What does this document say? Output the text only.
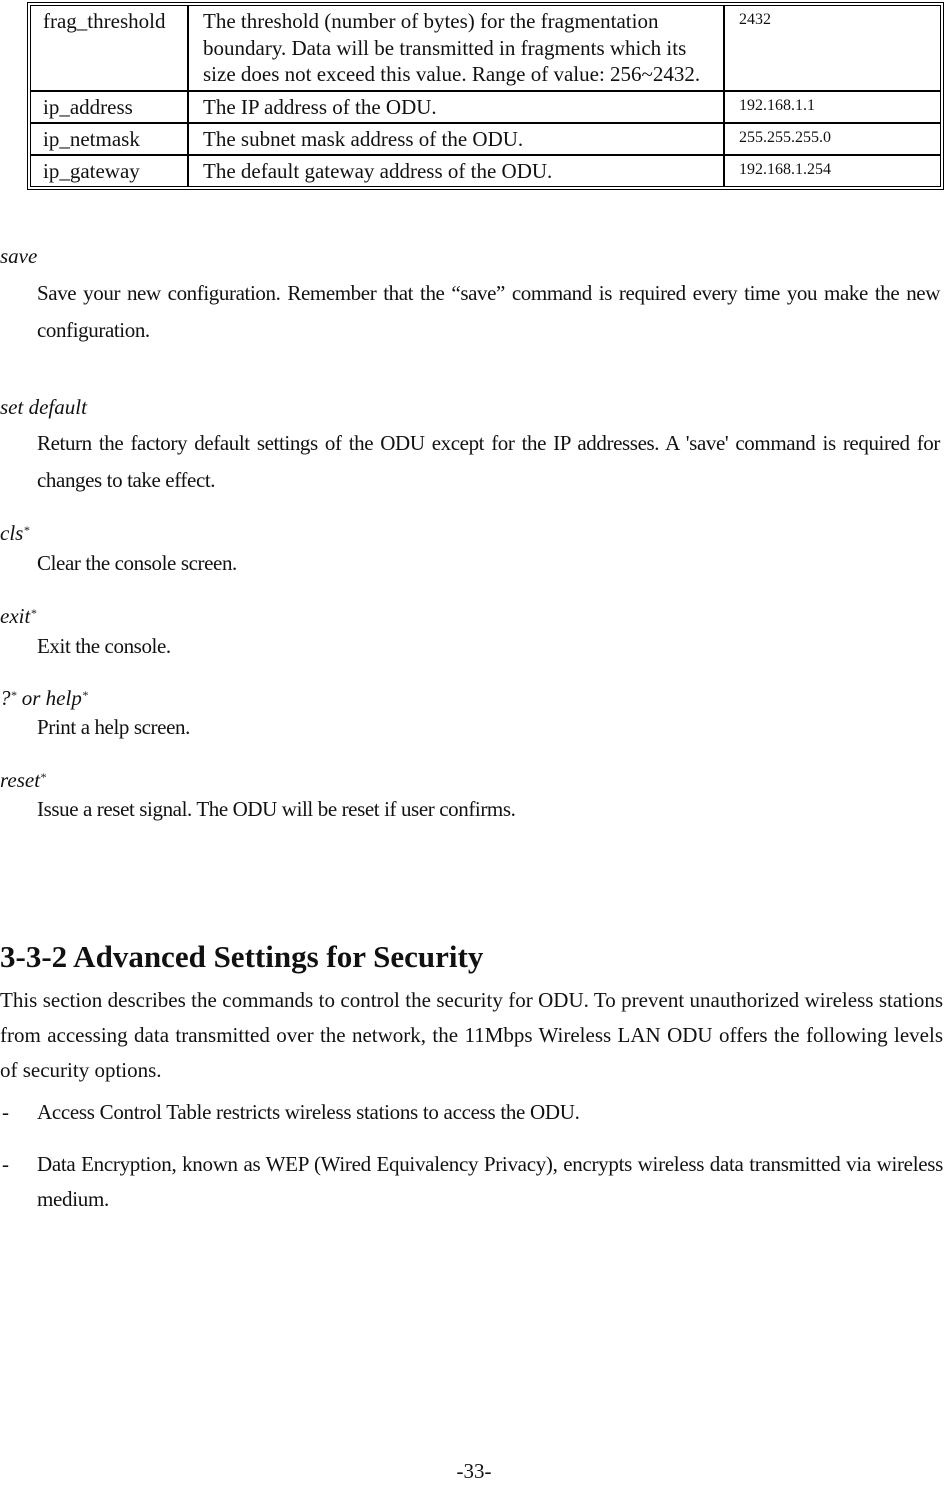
frag_threshold	The threshold (number of bytes) for the fragmentation boundary. Data will be transmitted in fragments which its size does not exceed this value. Range of value: 256~2432.	2432
ip_address	The IP address of the ODU.	192.168.1.1
ip_netmask	The subnet mask address of the ODU.	255.255.255.0
ip_gateway	The default gateway address of the ODU.	192.168.1.254
save
Save your new configuration. Remember that the “save” command is required every time you make the new configuration.
set default
Return the factory default settings of the ODU except for the IP addresses. A 'save' command is required for changes to take effect.
cls*
Clear the console screen.
exit*
Exit the console.
?* or help*
Print a help screen.
reset*
Issue a reset signal. The ODU will be reset if user confirms.
3-3-2 Advanced Settings for Security
This section describes the commands to control the security for ODU. To prevent unauthorized wireless stations from accessing data transmitted over the network, the 11Mbps Wireless LAN ODU offers the following levels of security options.
- Access Control Table restricts wireless stations to access the ODU.
- Data Encryption, known as WEP (Wired Equivalency Privacy), encrypts wireless data transmitted via wireless medium.
-33-
